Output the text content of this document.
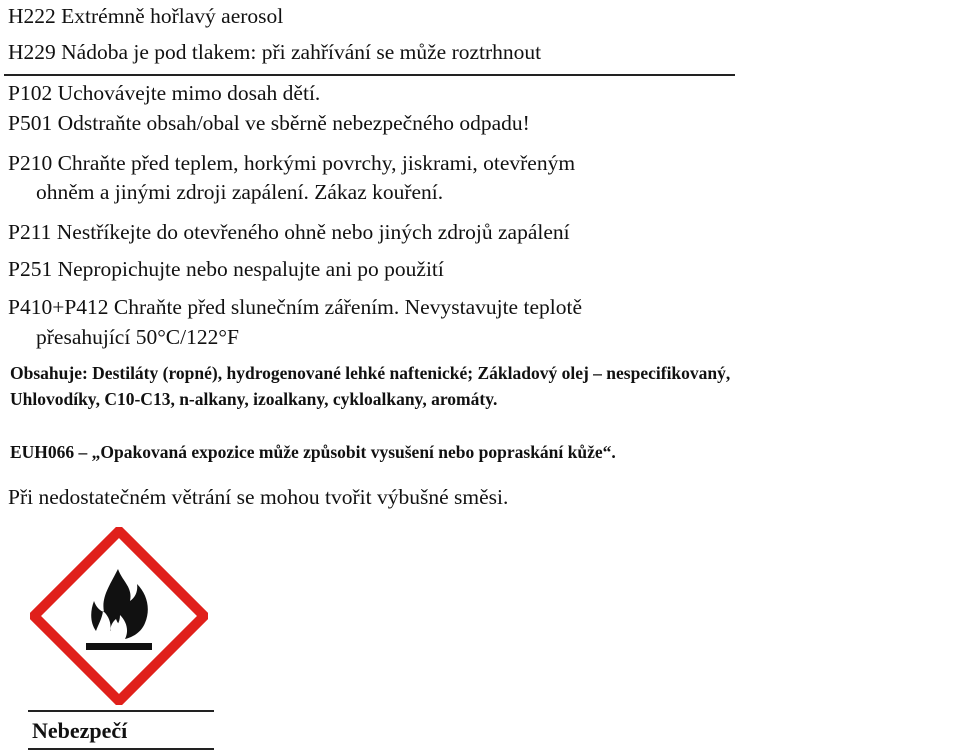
H222 Extrémně hořlavý aerosol
H229 Nádoba je pod tlakem: při zahřívání se může roztrhnout
P102 Uchovávejte mimo dosah dětí.
P501 Odstraňte obsah/obal ve sběrně nebezpečného odpadu!
P210 Chraňte před teplem, horkými povrchy, jiskrami, otevřeným
ohněm a jinými zdroji zapálení. Zákaz kouření.
P211 Nestříkejte do otevřeného ohně nebo jiných zdrojů zapálení
P251 Nepropichujte nebo nespalujte ani po použití
P410+P412 Chraňte před slunečním zářením. Nevystavujte teplotě
přesahující 50°C/122°F
Obsahuje: Destiláty (ropné), hydrogenované lehké naftenické; Základový olej – nespecifikovaný,
Uhlovodíky, C10-C13, n-alkany, izoalkany, cykloalkany, aromáty.
EUH066 – „Opakovaná expozice může způsobit vysušení nebo popraskání kůže“.
Při nedostatečném větrání se mohou tvořit výbušné směsi.
Nebezpečí
